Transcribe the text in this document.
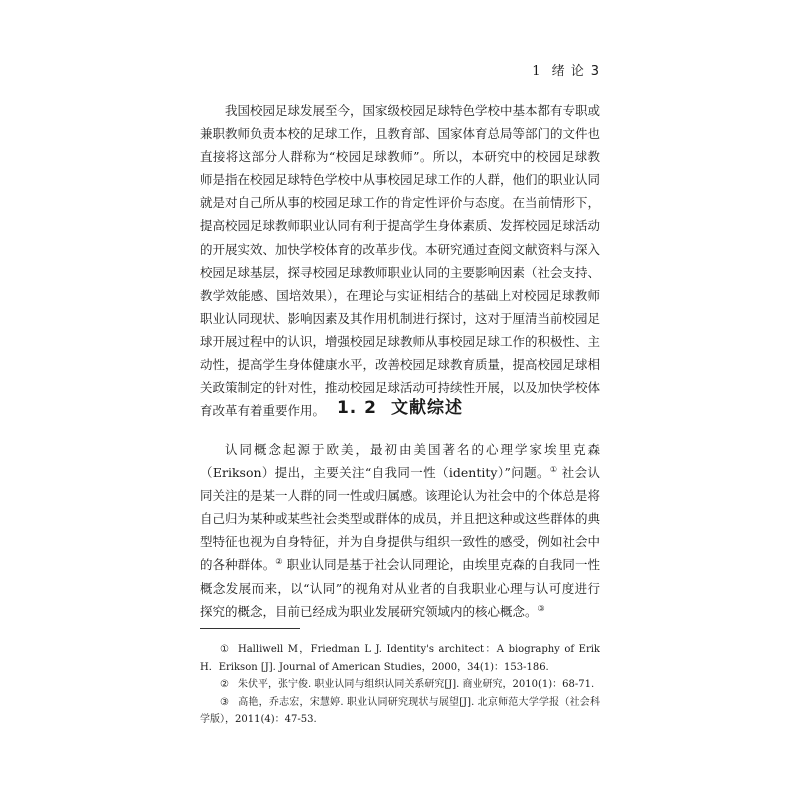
1 绪 论 3

我国校园足球发展至今，国家级校园足球特色学校中基本都有专职或兼职教师负责本校的足球工作，且教育部、国家体育总局等部门的文件也直接将这部分人群称为“校园足球教师”。所以，本研究中的校园足球教师是指在校园足球特色学校中从事校园足球工作的人群，他们的职业认同就是对自己所从事的校园足球工作的肯定性评价与态度。在当前情形下，提高校园足球教师职业认同有利于提高学生身体素质、发挥校园足球活动的开展实效、加快学校体育的改革步伐。本研究通过查阅文献资料与深入校园足球基层，探寻校园足球教师职业认同的主要影响因素（社会支持、教学效能感、国培效果），在理论与实证相结合的基础上对校园足球教师职业认同现状、影响因素及其作用机制进行探讨，这对于厘清当前校园足球开展过程中的认识，增强校园足球教师从事校园足球工作的积极性、主动性，提高学生身体健康水平，改善校园足球教育质量，提高校园足球相关政策制定的针对性，推动校园足球活动可持续性开展，以及加快学校体育改革有着重要作用。 1. 2 文献综述

认同概念起源于欧美，最初由美国著名的心理学家埃里克森（Erikson）提出，主要关注“自我同一性（identity）”问题。① 社会认同关注的是某一人群的同一性或归属感。该理论认为社会中的个体总是将自己归为某种或某些社会类型或群体的成员，并且把这种或这些群体的典型特征也视为自身特征，并为自身提供与组织一致性的感受，例如社会中的各种群体。② 职业认同是基于社会认同理论，由埃里克森的自我同一性概念发展而来，以“认同”的视角对从业者的自我职业心理与认可度进行探究的概念，目前已经成为职业发展研究领域内的核心概念。③

① Halliwell M，Friedman L J. Identity's architect：A biography of Erik H．Erikson [J]. Journal of American Studies，2000，34(1)：153-186.

② 朱伏平，张宁俊. 职业认同与组织认同关系研究[J]. 商业研究，2010(1)：68-71.

③ 高艳，乔志宏，宋慧婷. 职业认同研究现状与展望[J]. 北京师范大学学报（社会科学版），2011(4)：47-53.
